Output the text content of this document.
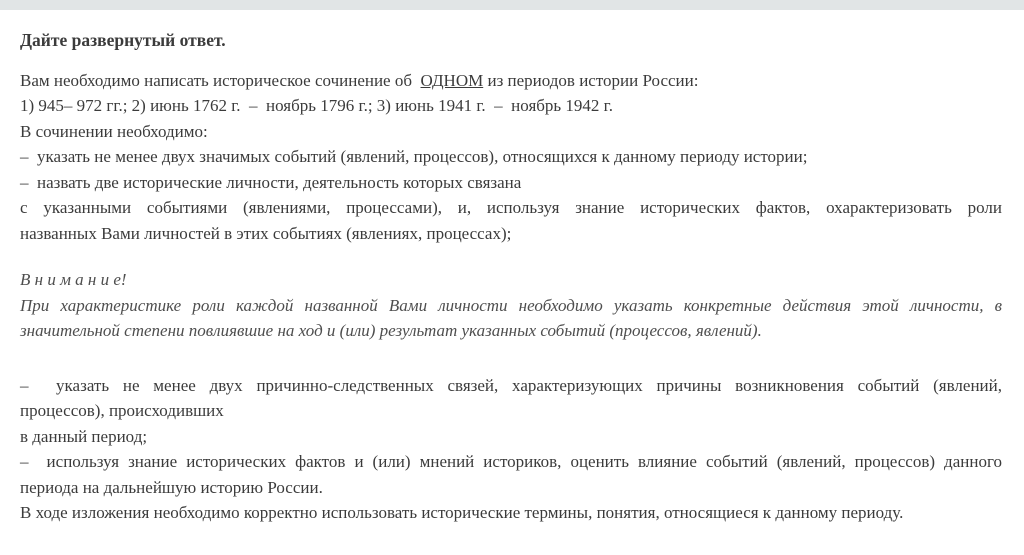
Дайте развернутый ответ.

Вам необходимо написать историческое сочинение об  ОДНОМ из периодов истории России:
1) 945– 972 гг.; 2) июнь 1762 г.  –  ноябрь 1796 г.; 3) июнь 1941 г.  –  ноябрь 1942 г.
В сочинении необходимо:
–  указать не менее двух значимых событий (явлений, процессов), относящихся к данному периоду истории;
–  назвать две исторические личности, деятельность которых связана
с указанными событиями (явлениями, процессами), и, используя знание исторических фактов, охарактеризовать роли
названных Вами личностей в этих событиях (явлениях, процессах);
В н и м а н и е!
При характеристике роли каждой названной Вами личности необходимо указать конкретные действия этой личности, в
значительной степени повлиявшие на ход и (или) результат указанных событий (процессов, явлений).
–  указать не менее двух причинно-следственных связей, характеризующих причины возникновения событий (явлений,
процессов), происходивших
в данный период;
–  используя знание исторических фактов и (или) мнений историков, оценить влияние событий (явлений, процессов) данного
периода на дальнейшую историю России.
В ходе изложения необходимо корректно использовать исторические термины, понятия, относящиеся к данному периоду.
